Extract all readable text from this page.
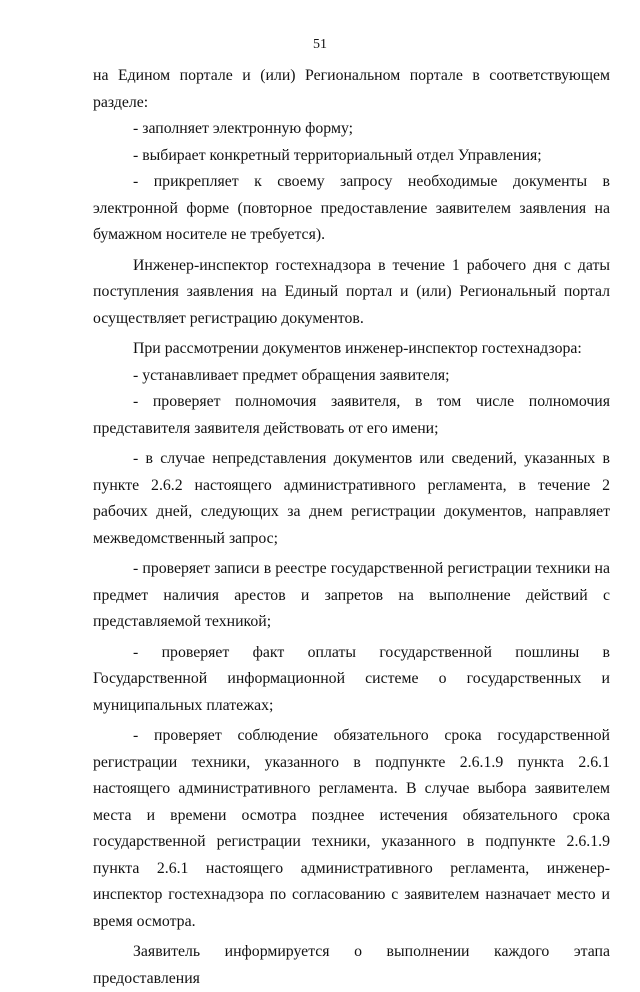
51

на Едином портале и (или) Региональном портале в соответствующем разделе:

- заполняет электронную форму;

- выбирает конкретный территориальный отдел Управления;

- прикрепляет к своему запросу необходимые документы в электронной форме (повторное предоставление заявителем заявления на бумажном носителе не требуется).

Инженер-инспектор гостехнадзора в течение 1 рабочего дня с даты поступления заявления на Единый портал и (или) Региональный портал осуществляет регистрацию документов.

При рассмотрении документов инженер-инспектор гостехнадзора:

- устанавливает предмет обращения заявителя;

- проверяет полномочия заявителя, в том числе полномочия представителя заявителя действовать от его имени;

- в случае непредставления документов или сведений, указанных в пункте 2.6.2 настоящего административного регламента, в течение 2 рабочих дней, следующих за днем регистрации документов, направляет межведомственный запрос;

- проверяет записи в реестре государственной регистрации техники на предмет наличия арестов и запретов на выполнение действий с представляемой техникой;

- проверяет факт оплаты государственной пошлины в Государственной информационной системе о государственных и муниципальных платежах;

- проверяет соблюдение обязательного срока государственной регистрации техники, указанного в подпункте 2.6.1.9 пункта 2.6.1 настоящего административного регламента. В случае выбора заявителем места и времени осмотра позднее истечения обязательного срока государственной регистрации техники, указанного в подпункте 2.6.1.9 пункта 2.6.1 настоящего административного регламента, инженер-инспектор гостехнадзора по согласованию с заявителем назначает место и время осмотра.

Заявитель информируется о выполнении каждого этапа предоставления
